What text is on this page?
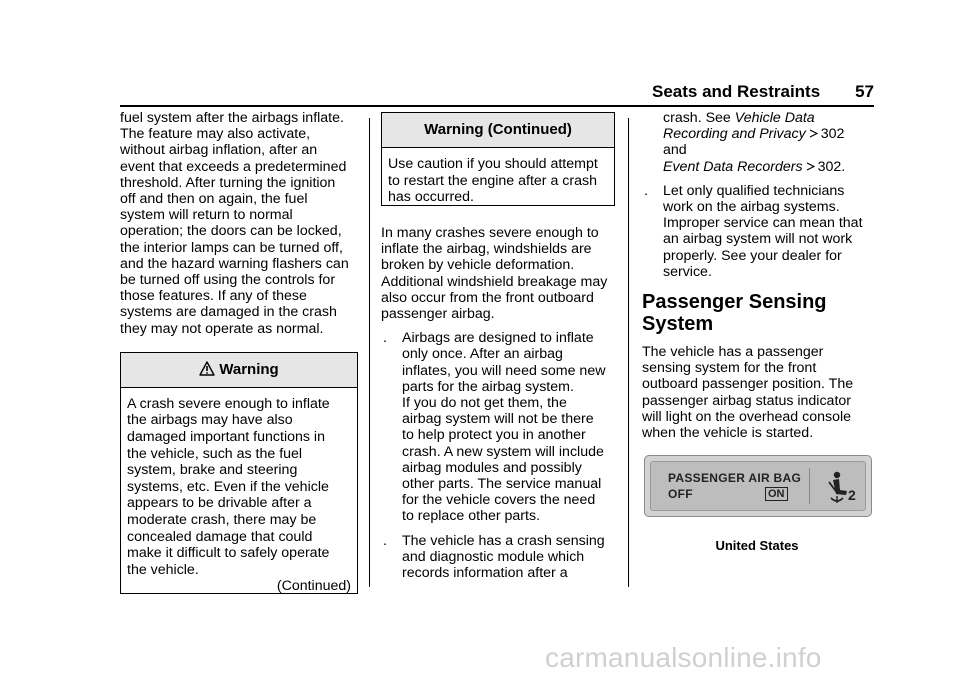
Seats and Restraints 57

fuel system after the airbags inflate.
The feature may also activate,
without airbag inflation, after an
event that exceeds a predetermined
threshold. After turning the ignition
off and then on again, the fuel
system will return to normal
operation; the doors can be locked,
the interior lamps can be turned off,
and the hazard warning flashers can
be turned off using the controls for
those features. If any of these
systems are damaged in the crash
they may not operate as normal.

Warning
A crash severe enough to inflate
the airbags may have also
damaged important functions in
the vehicle, such as the fuel
system, brake and steering
systems, etc. Even if the vehicle
appears to be drivable after a
moderate crash, there may be
concealed damage that could
make it difficult to safely operate
the vehicle.
(Continued)
Warning (Continued)
Use caution if you should attempt
to restart the engine after a crash
has occurred.

In many crashes severe enough to
inflate the airbag, windshields are
broken by vehicle deformation.
Additional windshield breakage may
also occur from the front outboard
passenger airbag.

. Airbags are designed to inflate
only once. After an airbag
inflates, you will need some new
parts for the airbag system.
If you do not get them, the
airbag system will not be there
to help protect you in another
crash. A new system will include
airbag modules and possibly
other parts. The service manual
for the vehicle covers the need
to replace other parts.
. The vehicle has a crash sensing
and diagnostic module which
records information after a
crash. See Vehicle Data
Recording and Privacy 302
and
Event Data Recorders 302.
. Let only qualified technicians
work on the airbag systems.
Improper service can mean that
an airbag system will not work
properly. See your dealer for
service.
Passenger Sensing
System

The vehicle has a passenger
sensing system for the front
outboard passenger position. The
passenger airbag status indicator
will light on the overhead console
when the vehicle is started.

PASSENGER AIR BAG
OFF	ON	2
United States
carmanualsonline.info
